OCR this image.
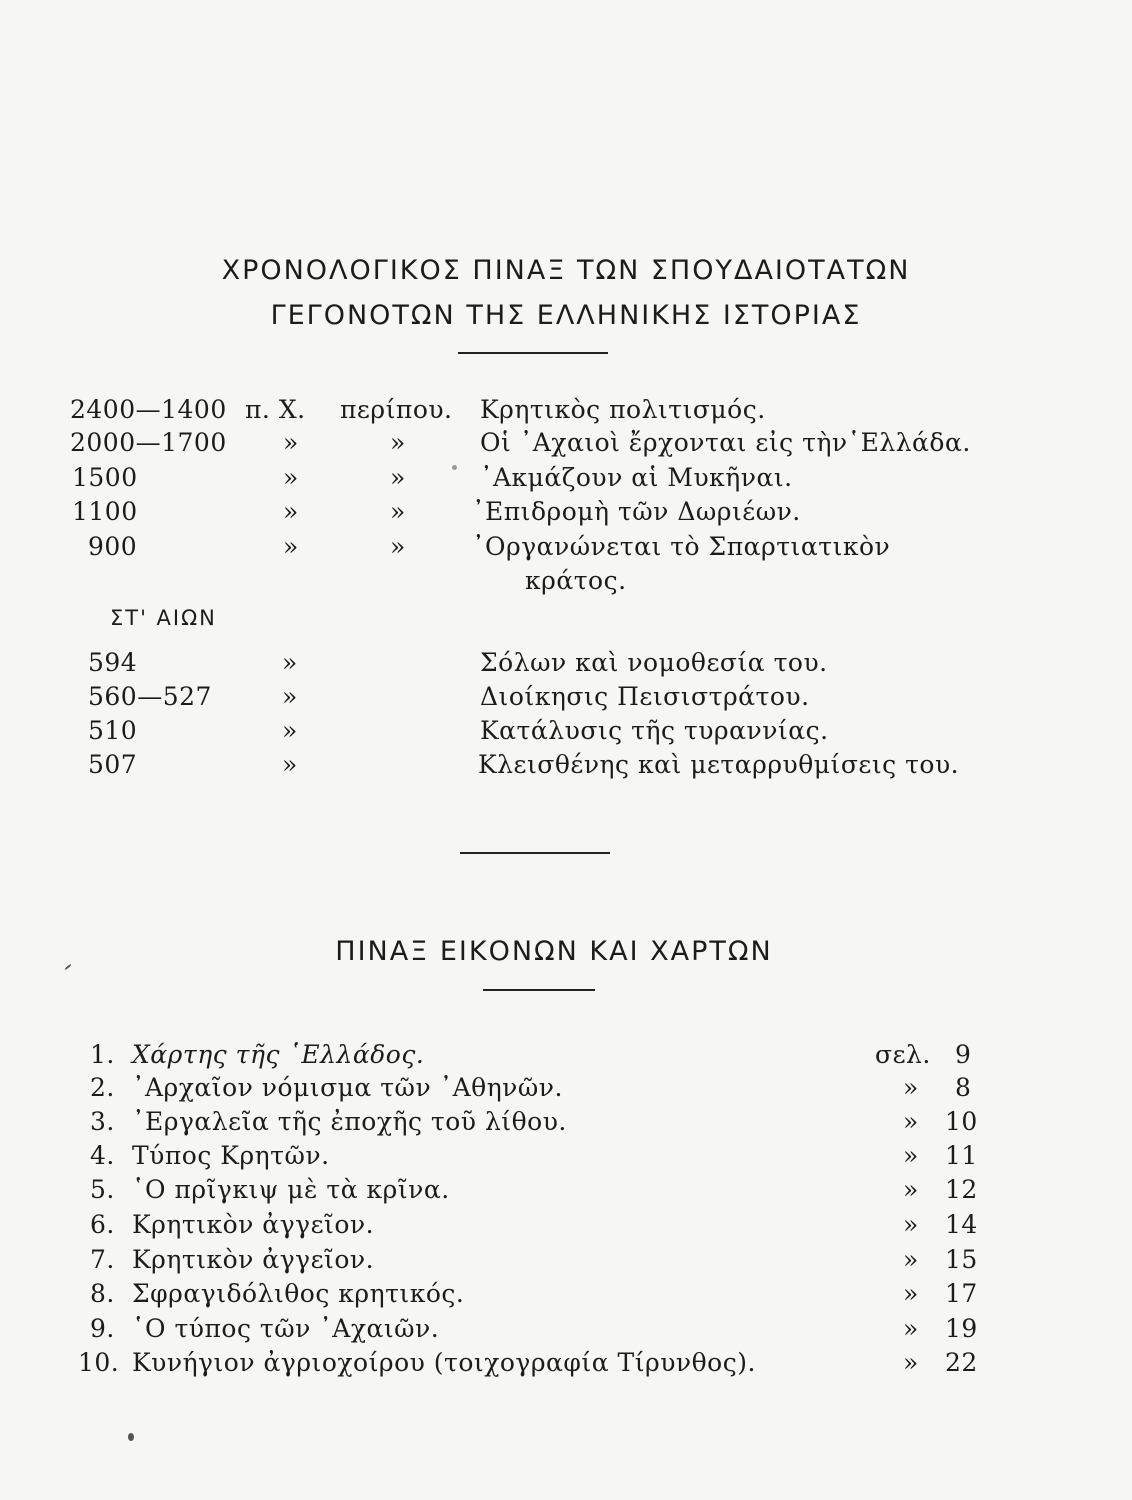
ΧΡΟΝΟΛΟΓΙΚΟΣ ΠΙΝΑΞ ΤΩΝ ΣΠΟΥΔΑΙΟΤΑΤΩΝ
ΓΕΓΟΝΟΤΩΝ ΤΗΣ ΕΛΛΗΝΙΚΗΣ ΙΣΤΟΡΙΑΣ
2400—1400 π. Χ. περίπου. Κρητικὸς πολιτισμός.
2000—1700 »	»	Οἱ ᾿Αχαιοὶ ἔρχονται εἰς τὴν῾Ελλάδα.
1500	»	»	᾿Ακμάζουν αἱ Μυκῆναι.
1100	»	»	᾿Επιδρομὴ τῶν Δωριέων.
900	»	»	᾿Οργανώνεται τὸ Σπαρτιατικὸν
κράτος.
ΣΤ' ΑΙΩΝ
594	»	Σόλων καὶ νομοθεσία του.
560—527	»	Διοίκησις Πεισιστράτου.
510	»	Κατάλυσις τῆς τυραννίας.
507	»	Κλεισθένης καὶ μεταρρυθμίσεις του.
ΠΙΝΑΞ ΕΙΚΟΝΩΝ ΚΑΙ ΧΑΡΤΩΝ
1. Χάρτης τῆς ῾Ελλάδος.	σελ. 9
2. ᾿Αρχαῖον νόμισμα τῶν ᾿Αθηνῶν.	» 8
3. ᾿Εργαλεῖα τῆς ἐποχῆς τοῦ λίθου.	» 10
4. Τύπος Κρητῶν.	» 11
5. ῾Ο πρῖγκιψ μὲ τὰ κρῖνα.	» 12
6. Κρητικὸν ἀγγεῖον.	» 14
7. Κρητικὸν ἀγγεῖον.	» 15
8. Σφραγιδόλιθος κρητικός.	» 17
9. ῾Ο τύπος τῶν ᾿Αχαιῶν.	» 19
10. Κυνήγιον ἀγριοχοίρου (τοιχογραφία Τίρυνθος).	» 22
